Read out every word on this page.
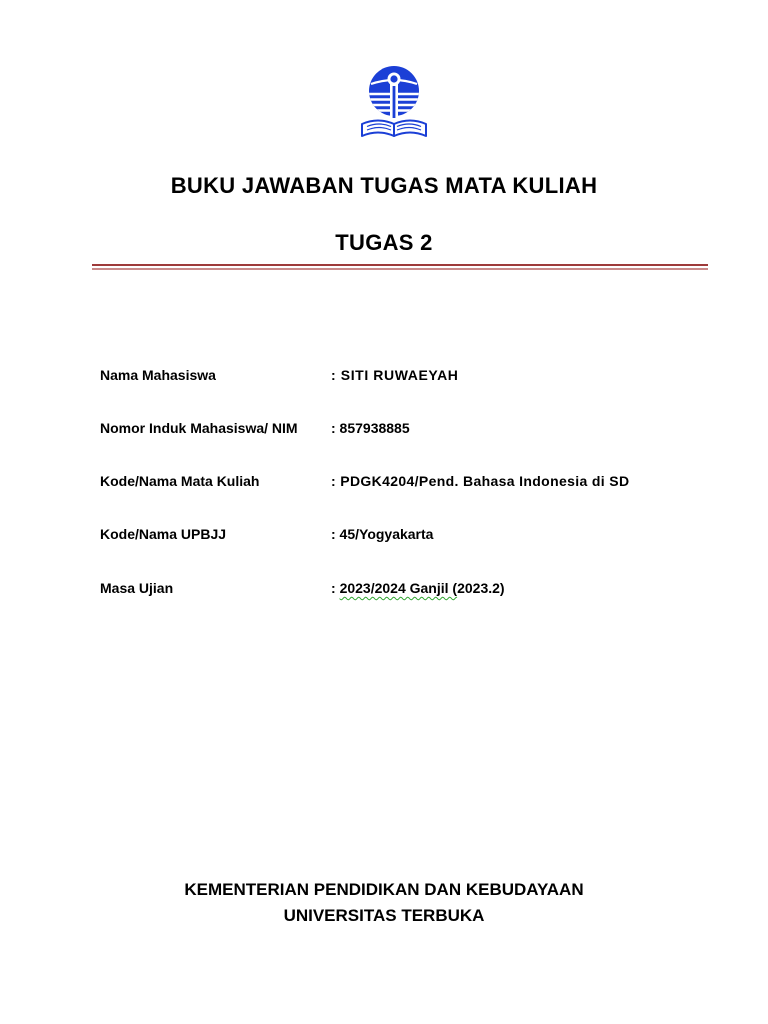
BUKU JAWABAN TUGAS MATA KULIAH
TUGAS 2
Nama Mahasiswa	: SITI RUWAEYAH
Nomor Induk Mahasiswa/ NIM : 857938885
Kode/Nama Mata Kuliah	: PDGK4204/Pend. Bahasa Indonesia di SD
Kode/Nama UPBJJ	: 45/Yogyakarta
Masa Ujian	: 2023/2024 Ganjil (2023.2)
KEMENTERIAN PENDIDIKAN DAN KEBUDAYAAN
UNIVERSITAS TERBUKA
